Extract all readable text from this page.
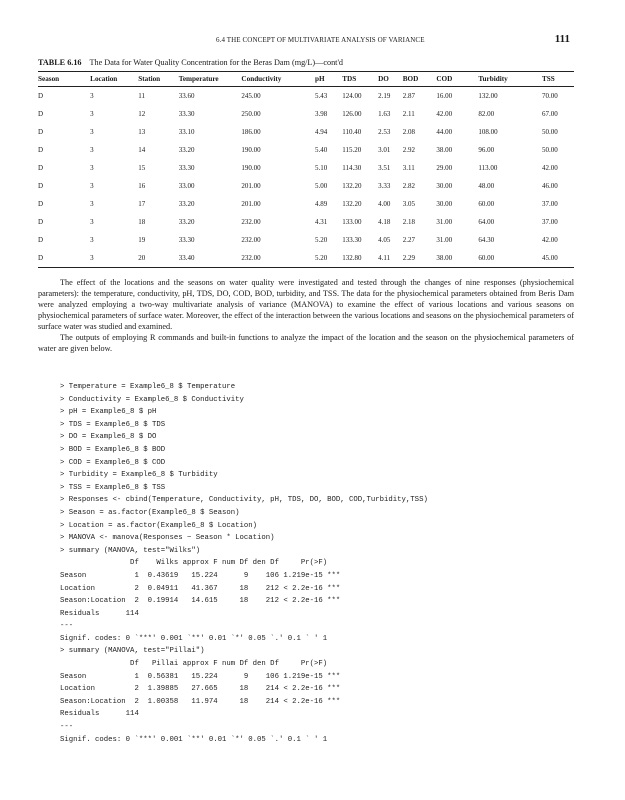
6.4 THE CONCEPT OF MULTIVARIATE ANALYSIS OF VARIANCE	111
TABLE 6.16 The Data for Water Quality Concentration for the Beras Dam (mg/L)—cont'd
Season	Location	Station	Temperature	Conductivity	pH	TDS	DO	BOD	COD	Turbidity	TSS
D	3	11	33.60	245.00	5.43	124.00	2.19	2.87	16.00	132.00	70.00
D	3	12	33.30	250.00	3.98	126.00	1.63	2.11	42.00	82.00	67.00
D	3	13	33.10	186.00	4.94	110.40	2.53	2.08	44.00	108.00	50.00
D	3	14	33.20	190.00	5.40	115.20	3.01	2.92	38.00	96.00	50.00
D	3	15	33.30	190.00	5.10	114.30	3.51	3.11	29.00	113.00	42.00
D	3	16	33.00	201.00	5.00	132.20	3.33	2.82	30.00	48.00	46.00
D	3	17	33.20	201.00	4.89	132.20	4.00	3.05	30.00	60.00	37.00
D	3	18	33.20	232.00	4.31	133.00	4.18	2.18	31.00	64.00	37.00
D	3	19	33.30	232.00	5.20	133.30	4.05	2.27	31.00	64.30	42.00
D	3	20	33.40	232.00	5.20	132.80	4.11	2.29	38.00	60.00	45.00

The effect of the locations and the seasons on water quality were investigated and tested through the changes of nine responses (physiochemical parameters): the temperature, conductivity, pH, TDS, DO, COD, BOD, turbidity, and TSS. The data for the physiochemical parameters obtained from Beris Dam were analyzed employing a two-way multivariate analysis of variance (MANOVA) to examine the effect of various locations and various seasons on physiochemical parameters of surface water. Moreover, the effect of the interaction between the various locations and seasons on the physiochemical parameters of surface water was studied and examined.

The outputs of employing R commands and built-in functions to analyze the impact of the location and the season on the physiochemical parameters of water are given below.

> Temperature = Example6_8 $ Temperature
> Conductivity = Example6_8 $ Conductivity
> pH = Example6_8 $ pH
> TDS = Example6_8 $ TDS
> DO = Example6_8 $ DO
> BOD = Example6_8 $ BOD
> COD = Example6_8 $ COD
> Turbidity = Example6_8 $ Turbidity
> TSS = Example6_8 $ TSS
> Responses <- cbind(Temperature, Conductivity, pH, TDS, DO, BOD, COD,Turbidity,TSS)
> Season = as.factor(Example6_8 $ Season)
> Location = as.factor(Example6_8 $ Location)
> MANOVA <- manova(Responses ~ Season * Location)
> summary (MANOVA, test="Wilks")
Df    Wilks approx F num Df den Df     Pr(>F)
Season           1  0.43619   15.224      9    106 1.219e-15 ***
Location         2  0.04911   41.367     18    212 < 2.2e-16 ***
Season:Location  2  0.19914   14.615     18    212 < 2.2e-16 ***
Residuals      114
---
Signif. codes: 0 `***' 0.001 `**' 0.01 `*' 0.05 `.' 0.1 ` ' 1
> summary (MANOVA, test="Pillai")
Df   Pillai approx F num Df den Df     Pr(>F)
Season           1  0.56381   15.224      9    106 1.219e-15 ***
Location         2  1.39885   27.665     18    214 < 2.2e-16 ***
Season:Location  2  1.00358   11.974     18    214 < 2.2e-16 ***
Residuals      114
---
Signif. codes: 0 `***' 0.001 `**' 0.01 `*' 0.05 `.' 0.1 ` ' 1
